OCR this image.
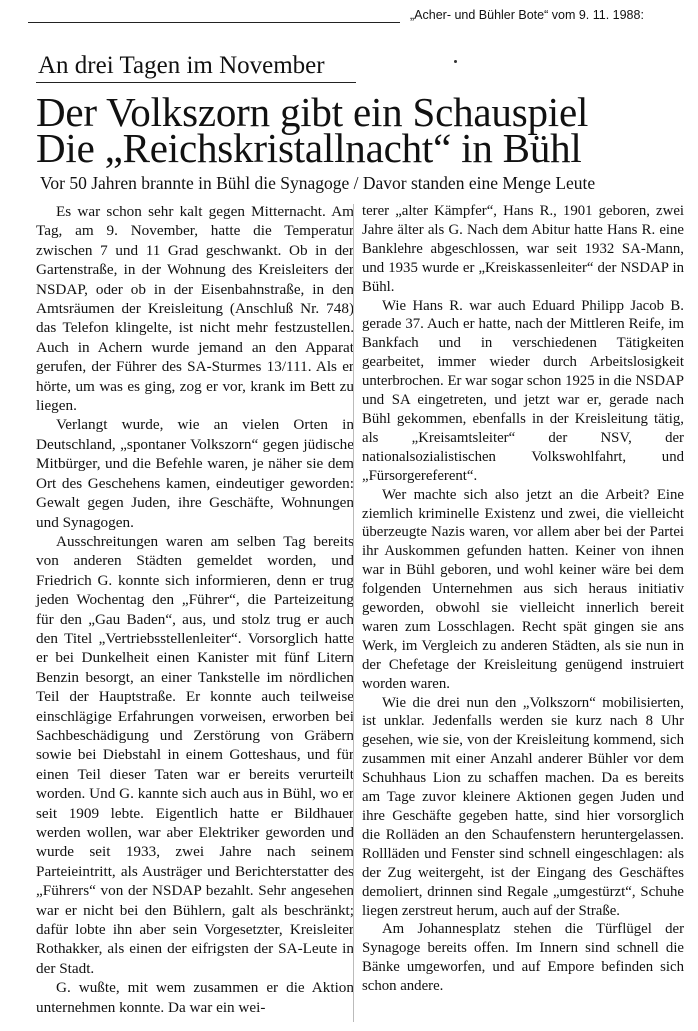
„Acher- und Bühler Bote“ vom 9. 11. 1988:
An drei Tagen im November
Der Volkszorn gibt ein Schauspiel
Die „Reichskristallnacht“ in Bühl
Vor 50 Jahren brannte in Bühl die Synagoge / Davor standen eine Menge Leute

Es war schon sehr kalt gegen Mitternacht. Am Tag, am 9. November, hatte die Temperatur zwischen 7 und 11 Grad geschwankt. Ob in der Gartenstraße, in der Wohnung des Kreisleiters der NSDAP, oder ob in der Eisenbahnstraße, in den Amtsräumen der Kreisleitung (Anschluß Nr. 748) das Telefon klingelte, ist nicht mehr festzustellen. Auch in Achern wurde jemand an den Apparat gerufen, der Führer des SA-Sturmes 13/111. Als er hörte, um was es ging, zog er vor, krank im Bett zu liegen.

Verlangt wurde, wie an vielen Orten in Deutschland, „spontaner Volkszorn“ gegen jüdische Mitbürger, und die Befehle waren, je näher sie dem Ort des Geschehens kamen, eindeutiger geworden: Gewalt gegen Juden, ihre Geschäfte, Wohnungen und Synagogen.

Ausschreitungen waren am selben Tag bereits von anderen Städten gemeldet worden, und Friedrich G. konnte sich informieren, denn er trug jeden Wochentag den „Führer“, die Parteizeitung für den „Gau Baden“, aus, und stolz trug er auch den Titel „Vertriebsstellenleiter“. Vorsorglich hatte er bei Dunkelheit einen Kanister mit fünf Litern Benzin besorgt, an einer Tankstelle im nördlichen Teil der Hauptstraße. Er konnte auch teilweise einschlägige Erfahrungen vorweisen, erworben bei Sachbeschädigung und Zerstörung von Gräbern sowie bei Diebstahl in einem Gotteshaus, und für einen Teil dieser Taten war er bereits verurteilt worden. Und G. kannte sich auch aus in Bühl, wo er seit 1909 lebte. Eigentlich hatte er Bildhauer werden wollen, war aber Elektriker geworden und wurde seit 1933, zwei Jahre nach seinem Parteieintritt, als Austräger und Berichterstatter des „Führers“ von der NSDAP bezahlt. Sehr angesehen war er nicht bei den Bühlern, galt als beschränkt; dafür lobte ihn aber sein Vorgesetzter, Kreisleiter Rothakker, als einen der eifrigsten der SA-Leute in der Stadt.

G. wußte, mit wem zusammen er die Aktion unternehmen konnte. Da war ein wei-

terer „alter Kämpfer“, Hans R., 1901 geboren, zwei Jahre älter als G. Nach dem Abitur hatte Hans R. eine Banklehre abgeschlossen, war seit 1932 SA-Mann, und 1935 wurde er „Kreiskassenleiter“ der NSDAP in Bühl.

Wie Hans R. war auch Eduard Philipp Jacob B. gerade 37. Auch er hatte, nach der Mittleren Reife, im Bankfach und in verschiedenen Tätigkeiten gearbeitet, immer wieder durch Arbeitslosigkeit unterbrochen. Er war sogar schon 1925 in die NSDAP und SA eingetreten, und jetzt war er, gerade nach Bühl gekommen, ebenfalls in der Kreisleitung tätig, als „Kreisamtsleiter“ der NSV, der nationalsozialistischen Volkswohlfahrt, und „Fürsorgereferent“.

Wer machte sich also jetzt an die Arbeit? Eine ziemlich kriminelle Existenz und zwei, die vielleicht überzeugte Nazis waren, vor allem aber bei der Partei ihr Auskommen gefunden hatten. Keiner von ihnen war in Bühl geboren, und wohl keiner wäre bei dem folgenden Unternehmen aus sich heraus initiativ geworden, obwohl sie vielleicht innerlich bereit waren zum Losschlagen. Recht spät gingen sie ans Werk, im Vergleich zu anderen Städten, als sie nun in der Chefetage der Kreisleitung genügend instruiert worden waren.

Wie die drei nun den „Volkszorn“ mobilisierten, ist unklar. Jedenfalls werden sie kurz nach 8 Uhr gesehen, wie sie, von der Kreisleitung kommend, sich zusammen mit einer Anzahl anderer Bühler vor dem Schuhhaus Lion zu schaffen machen. Da es bereits am Tage zuvor kleinere Aktionen gegen Juden und ihre Geschäfte gegeben hatte, sind hier vorsorglich die Rolläden an den Schaufenstern heruntergelassen. Rollläden und Fenster sind schnell eingeschlagen: als der Zug weitergeht, ist der Eingang des Geschäftes demoliert, drinnen sind Regale „umgestürzt“, Schuhe liegen zerstreut herum, auch auf der Straße.

Am Johannesplatz stehen die Türflügel der Synagoge bereits offen. Im Innern sind schnell die Bänke umgeworfen, und auf Empore befinden sich schon andere.
